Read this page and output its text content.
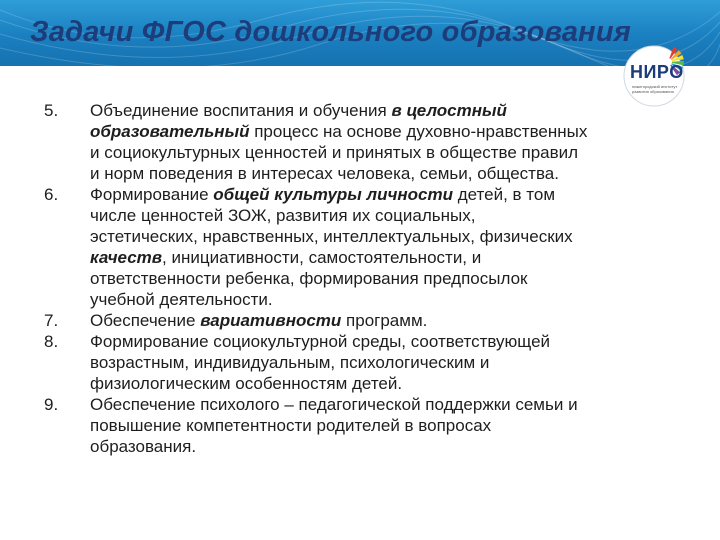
Задачи ФГОС дошкольного образования
НИРО
нижегородский институт развития образования
5. Объединение воспитания и обучения в целостный
образовательный процесс на основе духовно-нравственных
и социокультурных ценностей и принятых в обществе правил
и норм поведения в интересах человека, семьи, общества.
6. Формирование общей культуры личности детей, в том
числе ценностей ЗОЖ, развития их социальных,
эстетических, нравственных, интеллектуальных, физических
качеств, инициативности, самостоятельности, и
ответственности ребенка, формирования предпосылок
учебной деятельности.
7. Обеспечение вариативности программ.
8. Формирование социокультурной среды, соответствующей
возрастным, индивидуальным, психологическим и
физиологическим особенностям детей.
9. Обеспечение психолого – педагогической поддержки семьи и
повышение компетентности родителей в вопросах
образования.
